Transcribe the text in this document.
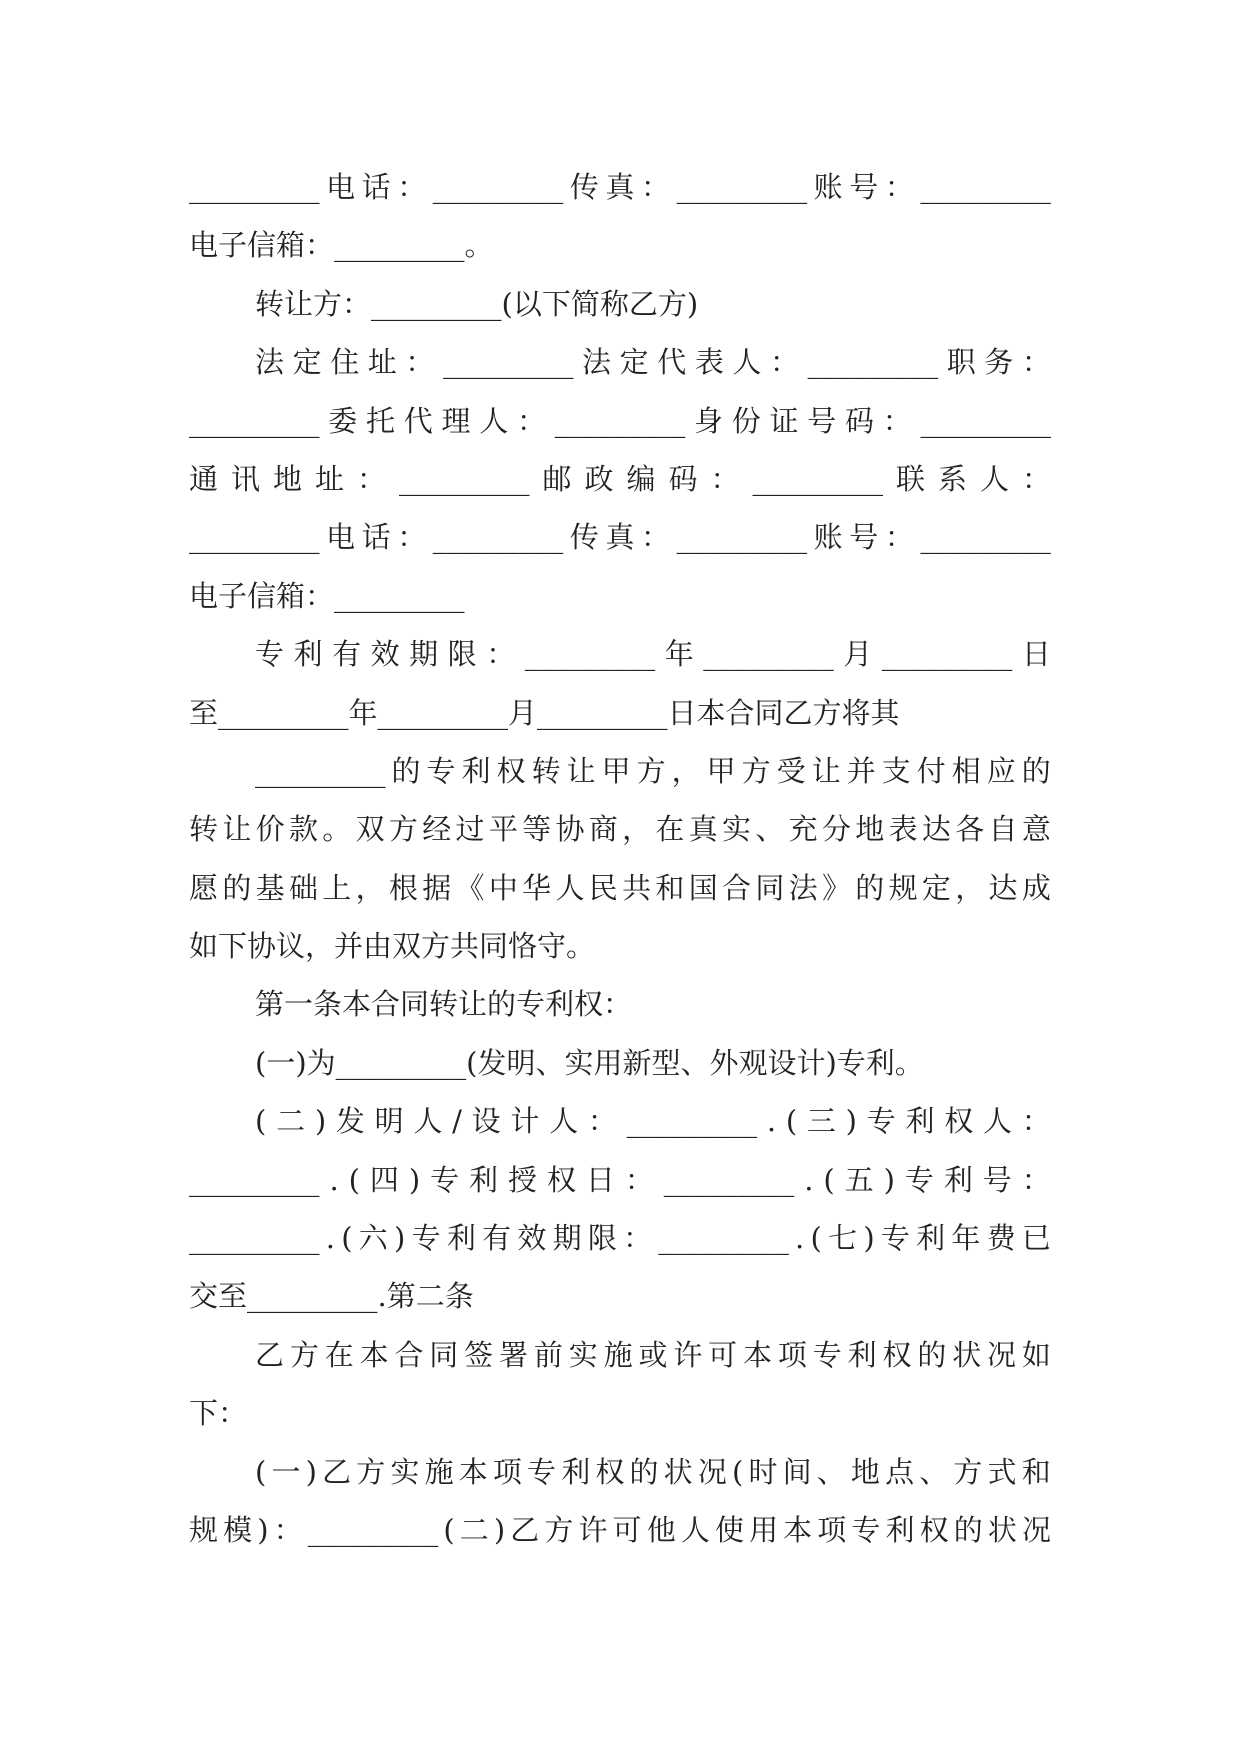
_________ 电 话 ： _________ 传 真 ： _________ 账 号 ： _________
电子信箱：_________。
转让方：_________(以下简称乙方)
法 定 住 址 ： _________ 法 定 代 表 人 ： _________ 职 务 ：
_________ 委 托 代 理 人 ： _________ 身 份 证 号 码 ： _________
通 讯 地 址 ： _________ 邮 政 编 码 ： _________ 联 系 人 ：
_________ 电 话 ： _________ 传 真 ： _________ 账 号 ： _________
电子信箱：_________
专 利 有 效 期 限 ： _________ 年 _________ 月 _________ 日
至_________年_________月_________日本合同乙方将其
_________ 的 专 利 权 转 让 甲 方 ， 甲 方 受 让 并 支 付 相 应 的
转 让 价 款 。 双 方 经 过 平 等 协 商 ， 在 真 实 、 充 分 地 表 达 各 自 意
愿 的 基 础 上 ， 根 据 《 中 华 人 民 共 和 国 合 同 法 》 的 规 定 ， 达 成
如下协议，并由双方共同恪守。
第一条本合同转让的专利权：
(一)为_________(发明、实用新型、外观设计)专利。
( 二 ) 发 明 人 / 设 计 人 ： _________ . ( 三 ) 专 利 权 人 ：
_________ . ( 四 ) 专 利 授 权 日 ： _________ . ( 五 ) 专 利 号 ：
_________ . ( 六 ) 专 利 有 效 期 限 ： _________ . ( 七 ) 专 利 年 费 已
交至_________.第二条
乙 方 在 本 合 同 签 署 前 实 施 或 许 可 本 项 专 利 权 的 状 况 如
下：
( 一 ) 乙 方 实 施 本 项 专 利 权 的 状 况 ( 时 间 、 地 点 、 方 式 和
规 模 ) ： _________ ( 二 ) 乙 方 许 可 他 人 使 用 本 项 专 利 权 的 状 况
